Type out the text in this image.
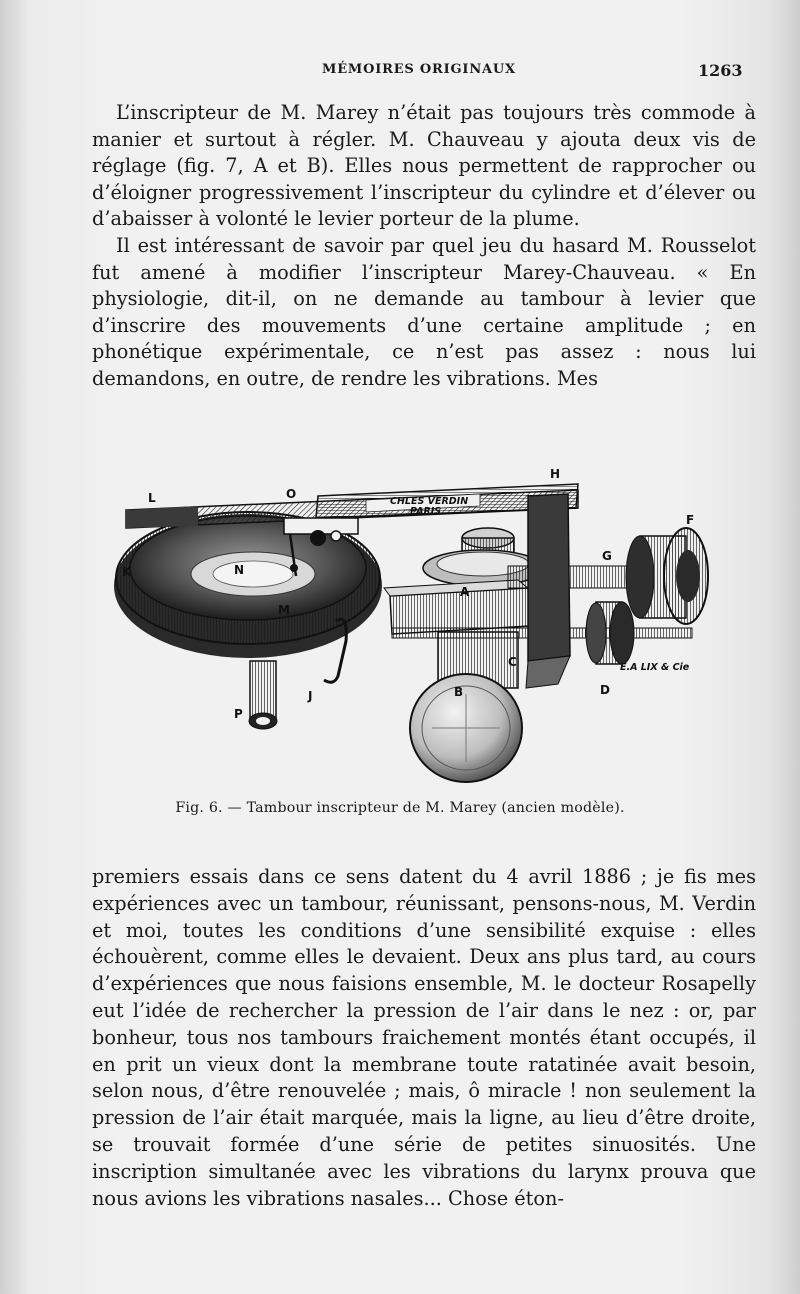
MÉMOIRES ORIGINAUX	1263

L’inscripteur de M. Marey n’était pas toujours très commode à manier et surtout à régler. M. Chauveau y ajouta deux vis de réglage (fig. 7, A et B). Elles nous permettent de rapprocher ou d’éloigner progressivement l’inscripteur du cylindre et d’élever ou d’abaisser à volonté le levier porteur de la plume.

Il est intéressant de savoir par quel jeu du hasard M. Rousselot fut amené à modifier l’inscripteur Marey-Chauveau. « En physiologie, dit-il, on ne demande au tambour à levier que d’inscrire des mouvements d’une certaine amplitude ; en phonétique expérimentale, ce n’est pas assez : nous lui demandons, en outre, de rendre les vibrations. Mes

CHLES VERDIN
PARIS
H
L	O
F
G
K	N
A
M
C
B	D
P
J
E.A LIX & Cie
Fig. 6. — Tambour inscripteur de M. Marey (ancien modèle).

premiers essais dans ce sens datent du 4 avril 1886 ; je fis mes expériences avec un tambour, réunissant, pensons-nous, M. Verdin et moi, toutes les conditions d’une sensibilité exquise : elles échouèrent, comme elles le devaient. Deux ans plus tard, au cours d’expériences que nous faisions ensemble, M. le docteur Rosapelly eut l’idée de rechercher la pression de l’air dans le nez : or, par bonheur, tous nos tambours fraichement montés étant occupés, il en prit un vieux dont la membrane toute ratatinée avait besoin, selon nous, d’être renouvelée ; mais, ô miracle ! non seulement la pression de l’air était marquée, mais la ligne, au lieu d’être droite, se trouvait formée d’une série de petites sinuosités. Une inscription simultanée avec les vibrations du larynx prouva que nous avions les vibrations nasales... Chose éton-
